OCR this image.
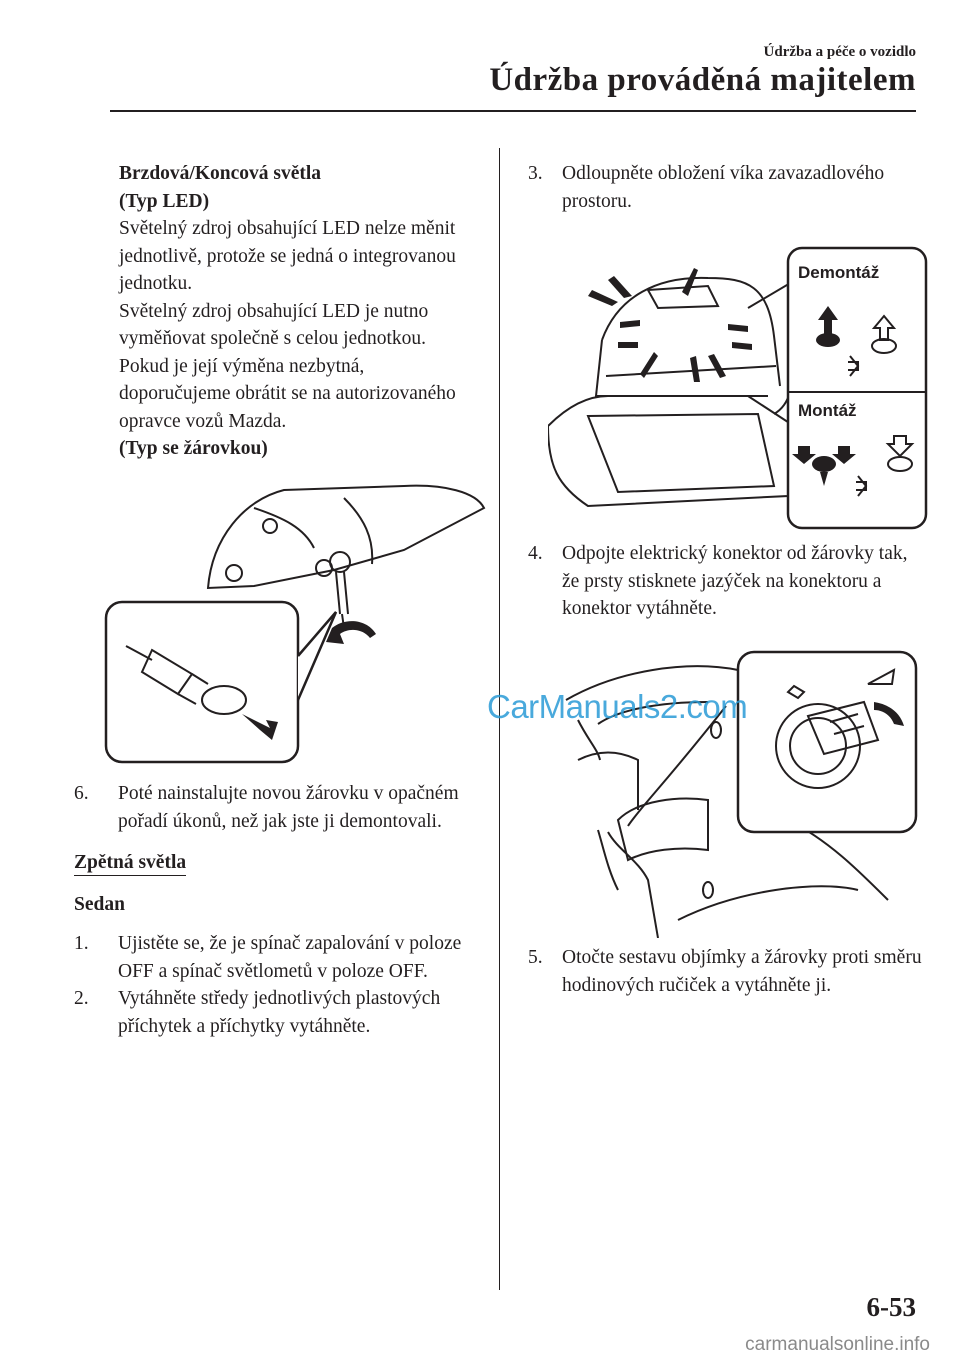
Údržba a péče o vozidlo
Údržba prováděná majitelem

Brzdová/Koncová světla

(Typ LED)

Světelný zdroj obsahující LED nelze měnit jednotlivě, protože se jedná o integrovanou jednotku.

Světelný zdroj obsahující LED je nutno vyměňovat společně s celou jednotkou. Pokud je její výměna nezbytná, doporučujeme obrátit se na autorizovaného opravce vozů Mazda.

(Typ se žárovkou)

6. Poté nainstalujte novou žárovku v opačném pořadí úkonů, než jak jste ji demontovali.
Zpětná světla

Sedan

1. Ujistěte se, že je spínač zapalování v poloze OFF a spínač světlometů v poloze OFF.
2. Vytáhněte středy jednotlivých plastových příchytek a příchytky vytáhněte.
3. Odloupněte obložení víka zavazadlového prostoru.
Demontáž
Montáž
4. Odpojte elektrický konektor od žárovky tak, že prsty stisknete jazýček na konektoru a konektor vytáhněte.
5. Otočte sestavu objímky a žárovky proti směru hodinových ručiček a vytáhněte ji.
6-53
CarManuals2.com
carmanualsonline.info
